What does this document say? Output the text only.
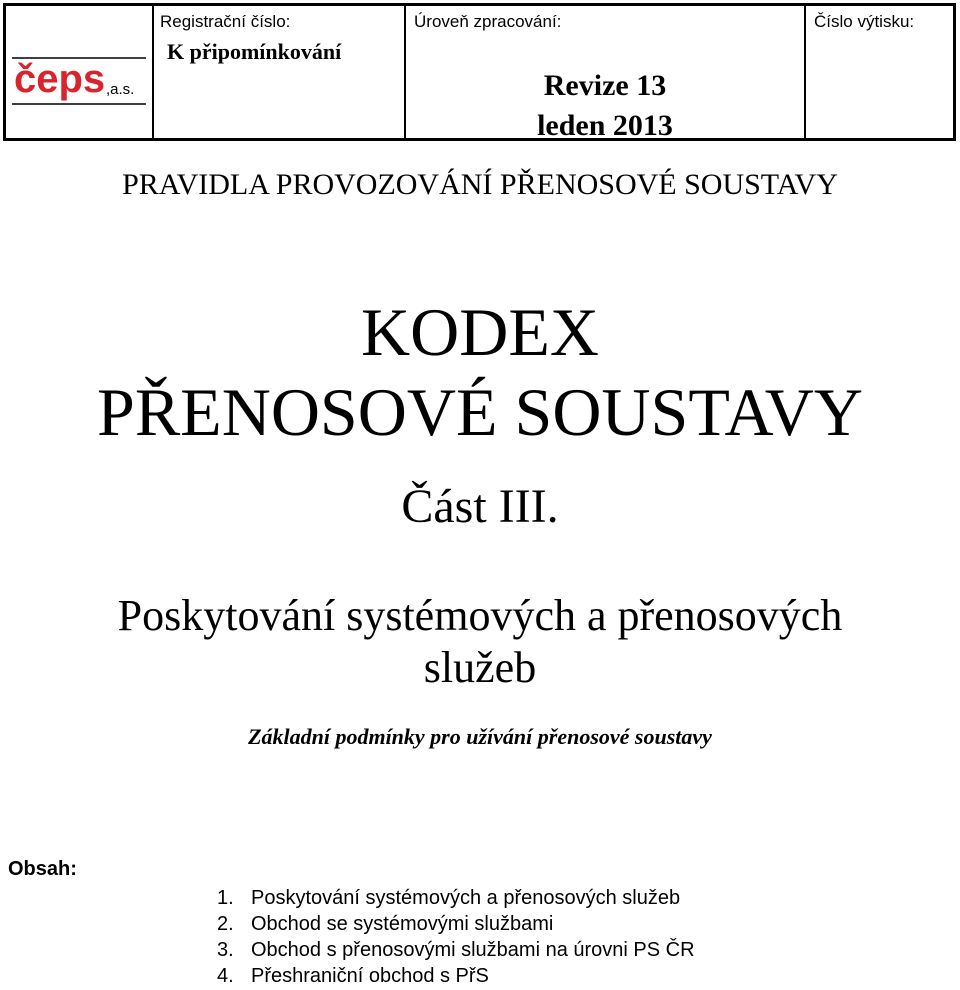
čeps ,a.s.
Registrační číslo:
K připomínkování
Úroveň zpracování:
Revize 13
leden 2013
Číslo výtisku:
PRAVIDLA PROVOZOVÁNÍ PŘENOSOVÉ SOUSTAVY
KODEX
PŘENOSOVÉ SOUSTAVY
Část III.
Poskytování systémových a přenosových
služeb
Základní podmínky pro užívání přenosové soustavy
Obsah:
1. Poskytování systémových a přenosových služeb
2. Obchod se systémovými službami
3. Obchod s přenosovými službami na úrovni PS ČR
4. Přeshraniční obchod s PřS
